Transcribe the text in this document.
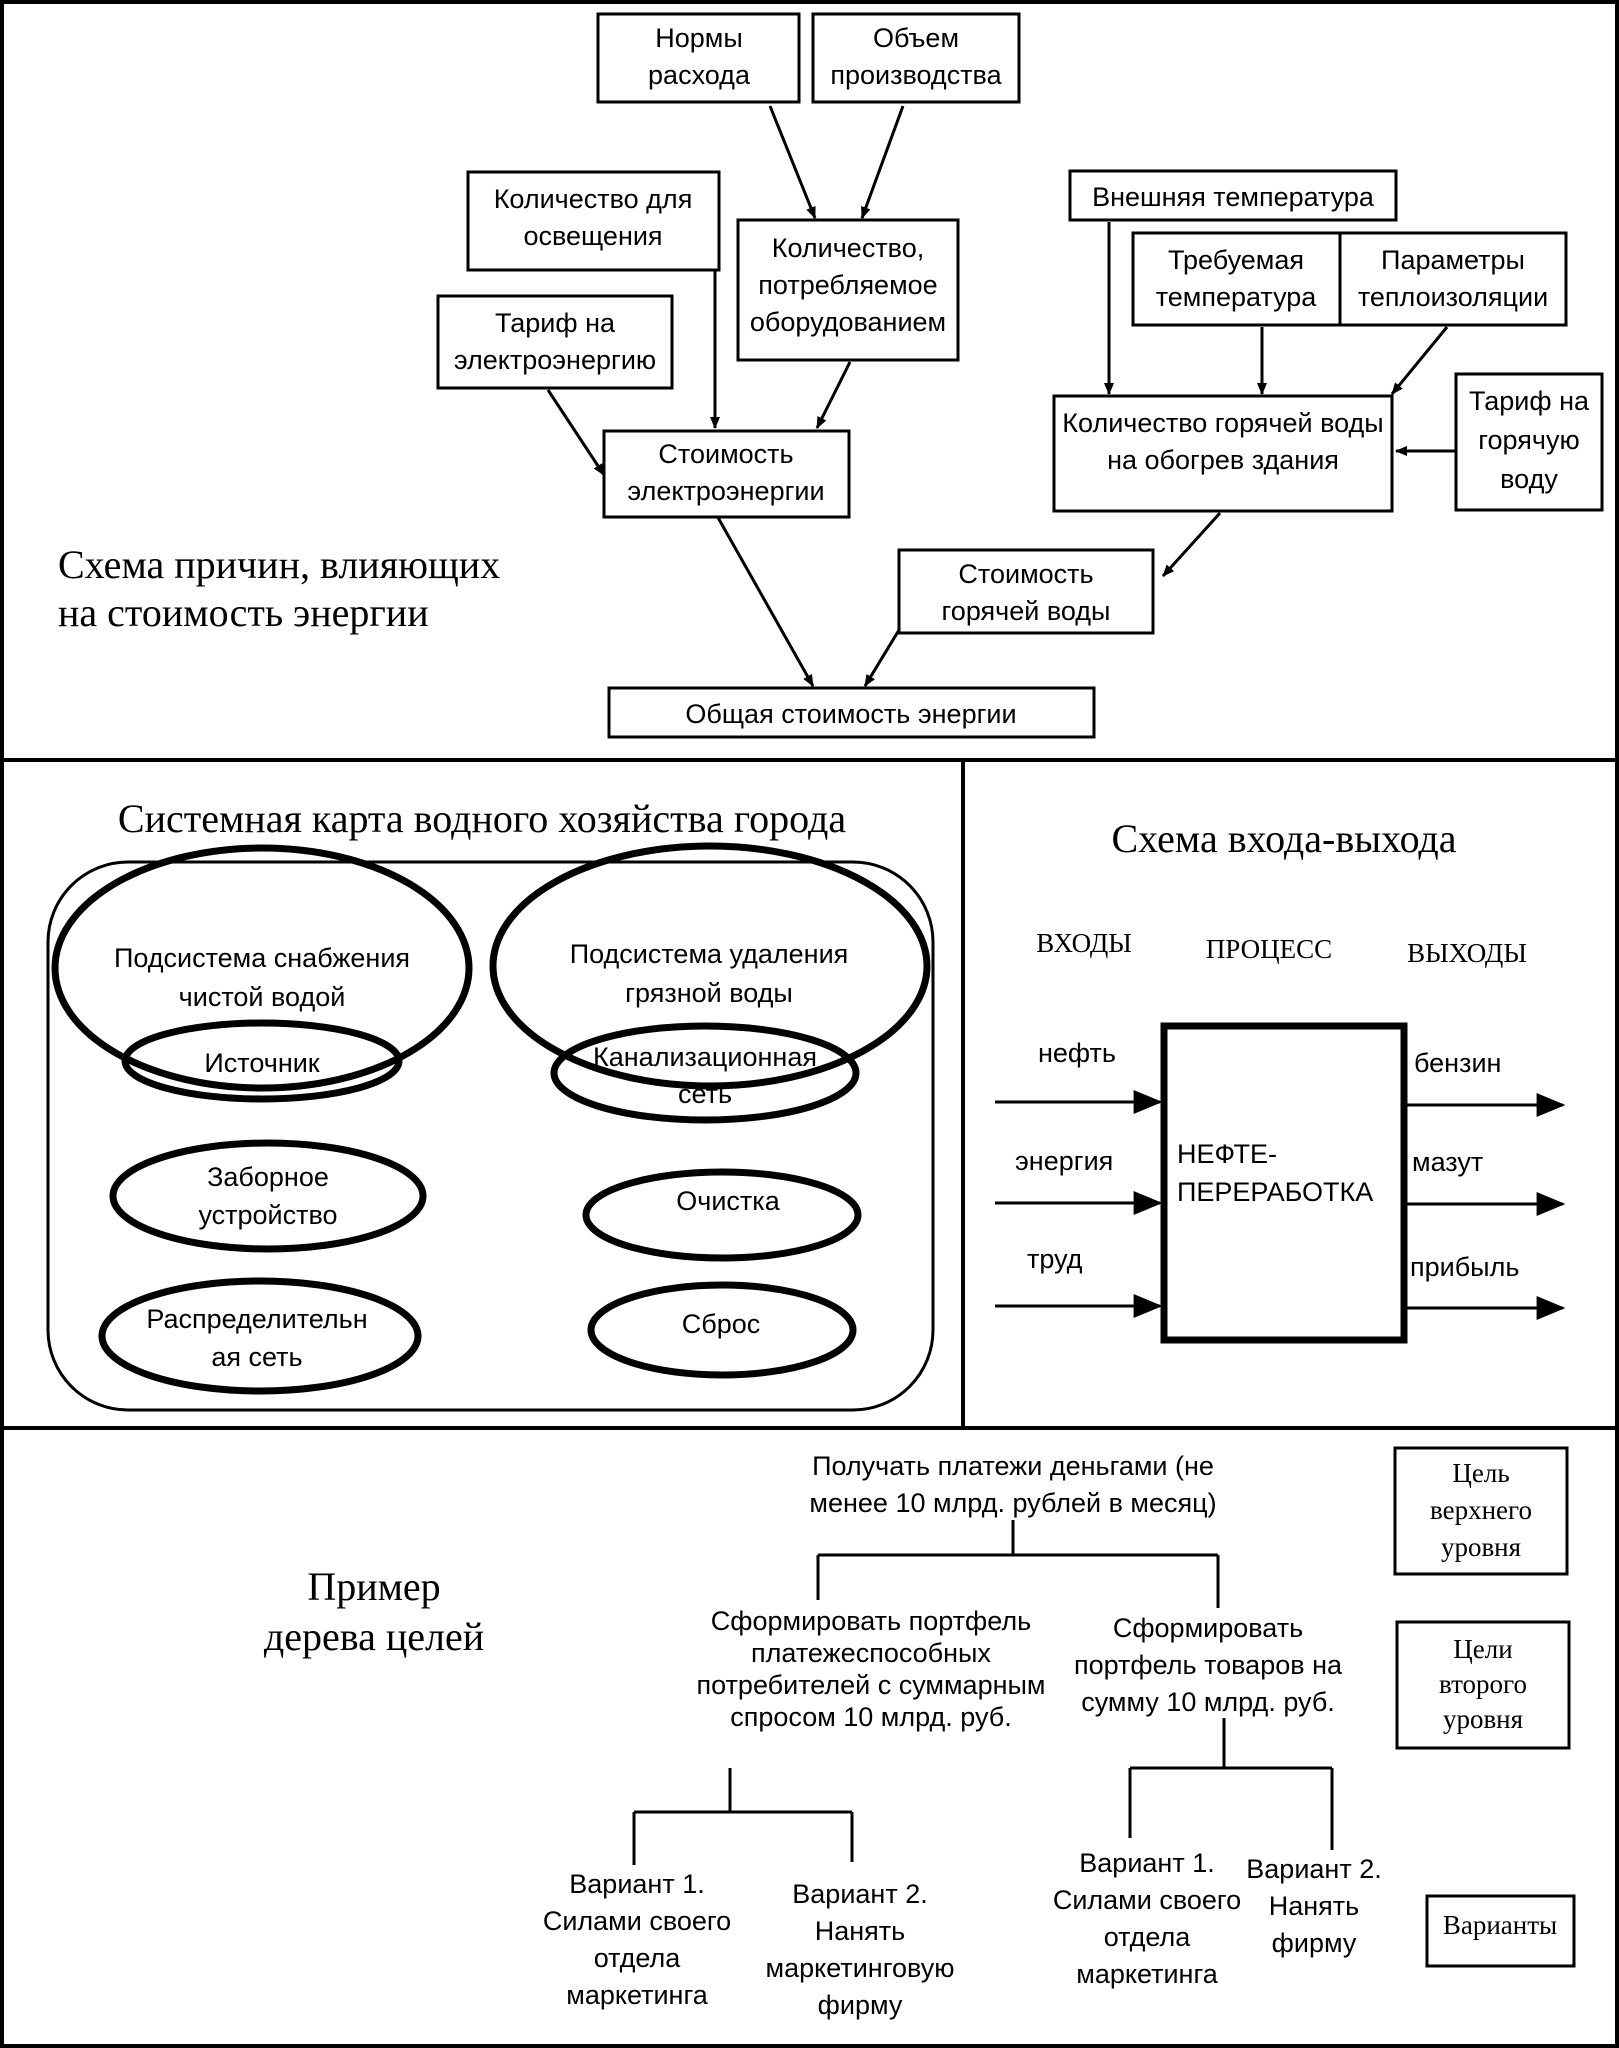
Схема причин, влияющих на стоимость энергии
Нормы расхода
Объем производства
Количество для освещения	Количество, потребляемое оборудованием
Тариф на электроэнергию
Стоимость электроэнергии
Внешняя температура
Требуемая температура
Параметры теплоизоляции
Количество горячей воды на обогрев здания
Тариф на горячую воду
Стоимость горячей воды
Общая стоимость энергии
Системная карта водного хозяйства города
Подсистема снабжения чистой водой
Источник
Подсистема удаления грязной воды
Канализационная сеть
Заборное устройство	Очистка
Распределительн ая сеть
Сброс
Схема входа-выхода
ВХОДЫ	ПРОЦЕСС	ВЫХОДЫ
НЕФТЕ-ПЕРЕРАБОТКА
нефть
энергия
труд
бензин
мазут
прибыль
Пример дерева целей
Получать платежи деньгами (не менее 10 млрд. рублей в месяц)
Сформировать портфель платежеспособных потребителей с суммарным спросом 10 млрд. руб.
Сформировать портфель товаров на сумму 10 млрд. руб.
Вариант 1. Силами своего отдела маркетинга
Вариант 2. Нанять маркетинговую фирму
Вариант 1. Силами своего отдела маркетинга
Вариант 2. Нанять фирму
Цель верхнего уровня
Цели второго уровня
Варианты
